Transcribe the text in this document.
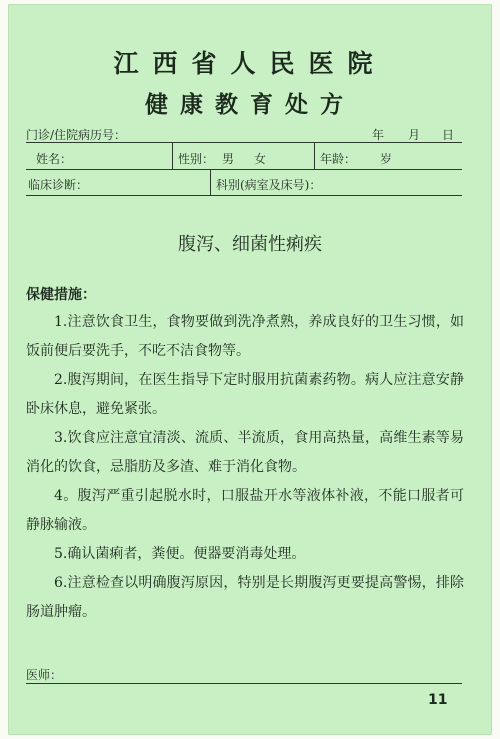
江西省人民医院
健康教育处方
门诊/住院病历号：	年 月 日
姓名：	性别： 男 女	年龄： 岁
临床诊断：	科别(病室及床号)：
腹泻、细菌性痢疾
保健措施：

1.注意饮食卫生，食物要做到洗净煮熟，养成良好的卫生习惯，如饭前便后要洗手，不吃不洁食物等。

2.腹泻期间，在医生指导下定时服用抗菌素药物。病人应注意安静卧床休息，避免紧张。

3.饮食应注意宜清淡、流质、半流质，食用高热量，高维生素等易消化的饮食，忌脂肪及多渣、难于消化食物。

4。腹泻严重引起脱水时，口服盐开水等液体补液，不能口服者可静脉输液。

5.确认菌痢者，粪便。便器要消毒处理。

6.注意检查以明确腹泻原因，特别是长期腹泻更要提高警惕，排除肠道肿瘤。

医师：
11
